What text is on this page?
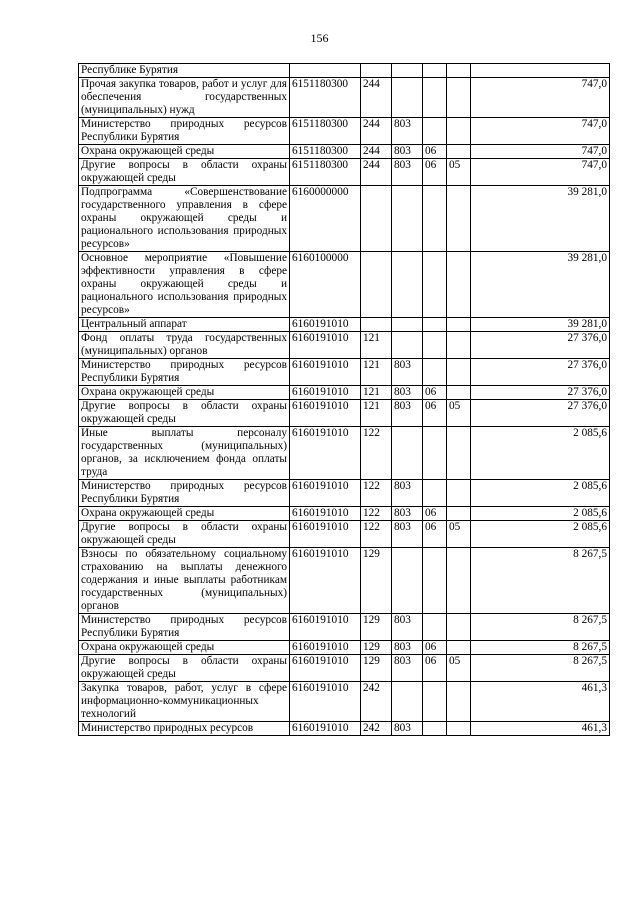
156
Республике Бурятия						
Прочая закупка товаров, работ и услуг для обеспечения государственных (муниципальных) нужд	6151180300	244				747,0
Министерство природных ресурсов Республики Бурятия	6151180300	244	803			747,0
Охрана окружающей среды	6151180300	244	803	06		747,0
Другие вопросы в области охраны окружающей среды	6151180300	244	803	06	05	747,0
Подпрограмма «Совершенствование государственного управления в сфере охраны окружающей среды и рационального использования природных ресурсов»	6160000000					39 281,0
Основное мероприятие «Повышение эффективности управления в сфере охраны окружающей среды и рационального использования природных ресурсов»	6160100000					39 281,0
Центральный аппарат	6160191010					39 281,0
Фонд оплаты труда государственных (муниципальных) органов	6160191010	121				27 376,0
Министерство природных ресурсов Республики Бурятия	6160191010	121	803			27 376,0
Охрана окружающей среды	6160191010	121	803	06		27 376,0
Другие вопросы в области охраны окружающей среды	6160191010	121	803	06	05	27 376,0
Иные выплаты персоналу государственных (муниципальных) органов, за исключением фонда оплаты труда	6160191010	122				2 085,6
Министерство природных ресурсов Республики Бурятия	6160191010	122	803			2 085,6
Охрана окружающей среды	6160191010	122	803	06		2 085,6
Другие вопросы в области охраны окружающей среды	6160191010	122	803	06	05	2 085,6
Взносы по обязательному социальному страхованию на выплаты денежного содержания и иные выплаты работникам государственных (муниципальных) органов	6160191010	129				8 267,5
Министерство природных ресурсов Республики Бурятия	6160191010	129	803			8 267,5
Охрана окружающей среды	6160191010	129	803	06		8 267,5
Другие вопросы в области охраны окружающей среды	6160191010	129	803	06	05	8 267,5
Закупка товаров, работ, услуг в сфере информационно-коммуникационных технологий	6160191010	242				461,3
Министерство природных ресурсов	6160191010	242	803			461,3
